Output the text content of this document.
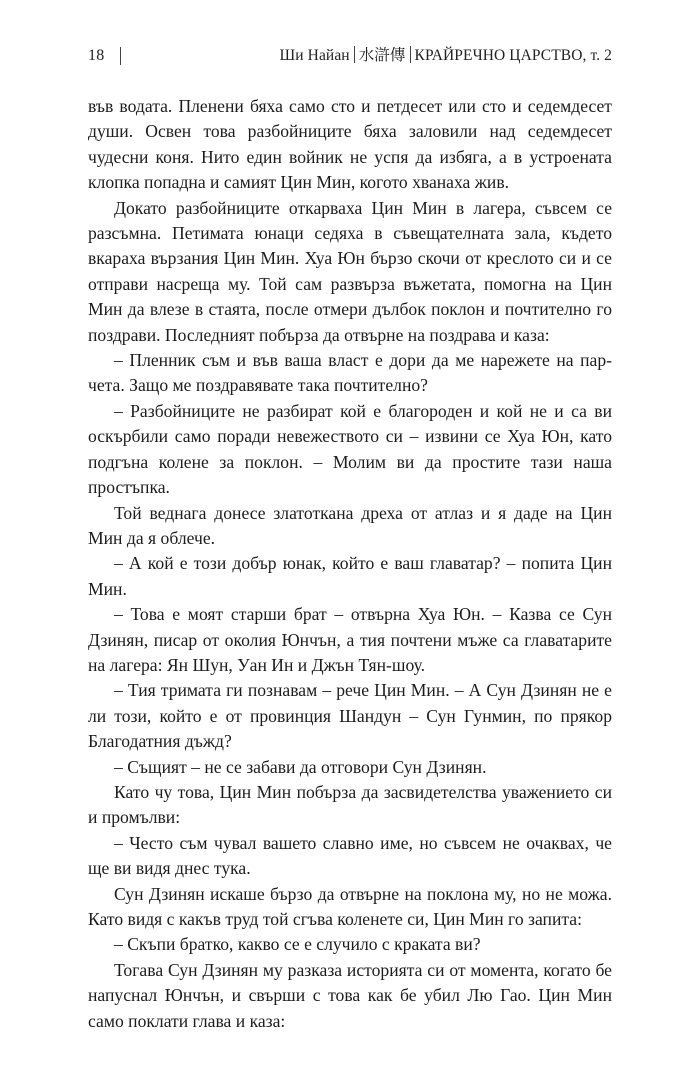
18	Ши Найан 水滸傳 КРАЙРЕЧНО ЦАРСТВО, т. 2

във водата. Пленени бяха само сто и петдесет или сто и седемдесет души. Освен това разбойниците бяха заловили над седемдесет чудесни коня. Нито един войник не успя да избяга, а в устроената клопка попадна и самият Цин Мин, когото хванаха жив.

Докато разбойниците откарваха Цин Мин в лагера, съвсем се разсъмна. Петимата юнаци седяха в съвещателната зала, където вкараха вързания Цин Мин. Хуа Юн бързо скочи от креслото си и се отправи насреща му. Той сам развърза въжетата, помогна на Цин Мин да влезе в стаята, после отмери дълбок поклон и почтително го поздрави. Последният побърза да отвърне на поздрава и каза:

– Пленник съм и във ваша власт е дори да ме нарежете на парчета. Защо ме поздравявате така почтително?

– Разбойниците не разбират кой е благороден и кой не и са ви оскърбили само поради невежеството си – извини се Хуа Юн, като подгъна колене за поклон. – Молим ви да простите тази наша простъпка.

Той веднага донесе златоткана дреха от атлаз и я даде на Цин Мин да я облече.

– А кой е този добър юнак, който е ваш главатар? – попита Цин Мин.

– Това е моят старши брат – отвърна Хуа Юн. – Казва се Сун Дзинян, писар от околия Юнчън, а тия почтени мъже са главатарите на лагера: Ян Шун, Уан Ин и Джън Тян-шоу.

– Тия тримата ги познавам – рече Цин Мин. – А Сун Дзинян не е ли този, който е от провинция Шандун – Сун Гунмин, по прякор Благодатния дъжд?

– Същият – не се забави да отговори Сун Дзинян.

Като чу това, Цин Мин побърза да засвидетелства уважението си и промълви:

– Често съм чувал вашето славно име, но съвсем не очаквах, че ще ви видя днес тука.

Сун Дзинян искаше бързо да отвърне на поклона му, но не можа. Като видя с какъв труд той сгъва коленете си, Цин Мин го запита:

– Скъпи братко, какво се е случило с краката ви?

Тогава Сун Дзинян му разказа историята си от момента, когато бе напуснал Юнчън, и свърши с това как бе убил Лю Гао. Цин Мин само поклати глава и каза:
